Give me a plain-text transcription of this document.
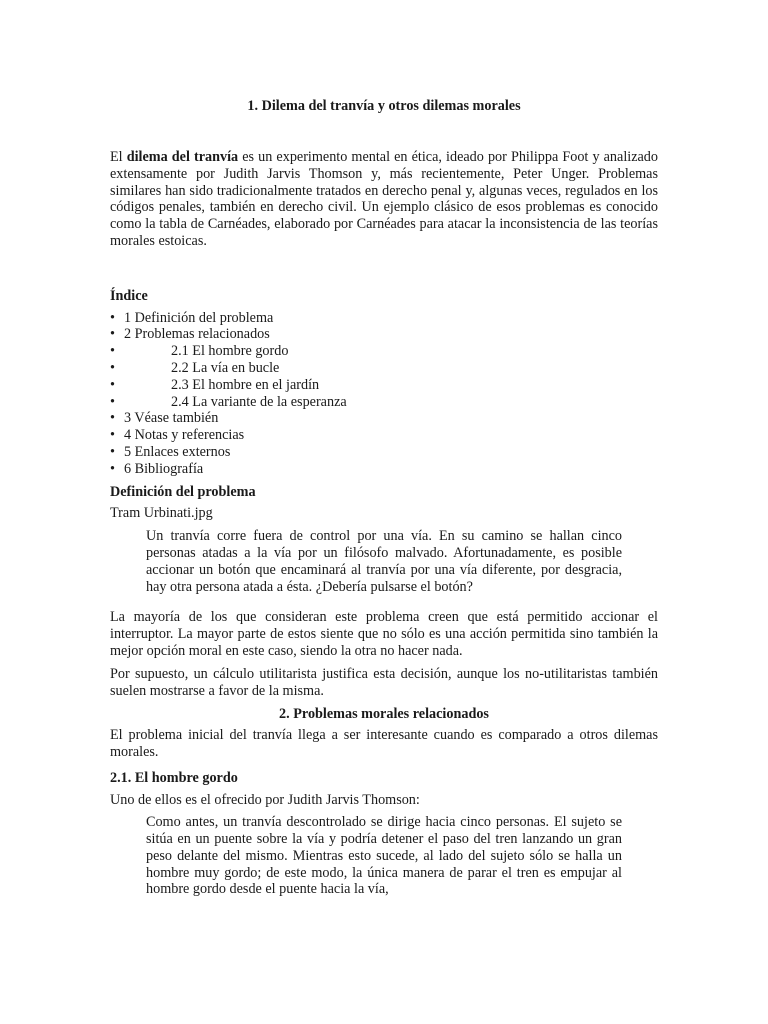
1. Dilema del tranvía y otros dilemas morales

El dilema del tranvía es un experimento mental en ética, ideado por Philippa Foot y analizado extensamente por Judith Jarvis Thomson y, más recientemente, Peter Unger. Problemas similares han sido tradicionalmente tratados en derecho penal y, algunas veces, regulados en los códigos penales, también en derecho civil. Un ejemplo clásico de esos problemas es conocido como la tabla de Carnéades, elaborado por Carnéades para atacar la inconsistencia de las teorías morales estoicas.

Índice
• 1 Definición del problema
• 2 Problemas relacionados
•	2.1 El hombre gordo
•	2.2 La vía en bucle
•	2.3 El hombre en el jardín
•	2.4 La variante de la esperanza
• 3 Véase también
• 4 Notas y referencias
• 5 Enlaces externos
• 6 Bibliografía
Definición del problema

Tram Urbinati.jpg

Un tranvía corre fuera de control por una vía. En su camino se hallan cinco personas atadas a la vía por un filósofo malvado. Afortunadamente, es posible accionar un botón que encaminará al tranvía por una vía diferente, por desgracia, hay otra persona atada a ésta. ¿Debería pulsarse el botón?

La mayoría de los que consideran este problema creen que está permitido accionar el interruptor. La mayor parte de estos siente que no sólo es una acción permitida sino también la mejor opción moral en este caso, siendo la otra no hacer nada.

Por supuesto, un cálculo utilitarista justifica esta decisión, aunque los no-utilitaristas también suelen mostrarse a favor de la misma.

2. Problemas morales relacionados

El problema inicial del tranvía llega a ser interesante cuando es comparado a otros dilemas morales.

2.1. El hombre gordo

Uno de ellos es el ofrecido por Judith Jarvis Thomson:

Como antes, un tranvía descontrolado se dirige hacia cinco personas. El sujeto se sitúa en un puente sobre la vía y podría detener el paso del tren lanzando un gran peso delante del mismo. Mientras esto sucede, al lado del sujeto sólo se halla un hombre muy gordo; de este modo, la única manera de parar el tren es empujar al hombre gordo desde el puente hacia la vía,
